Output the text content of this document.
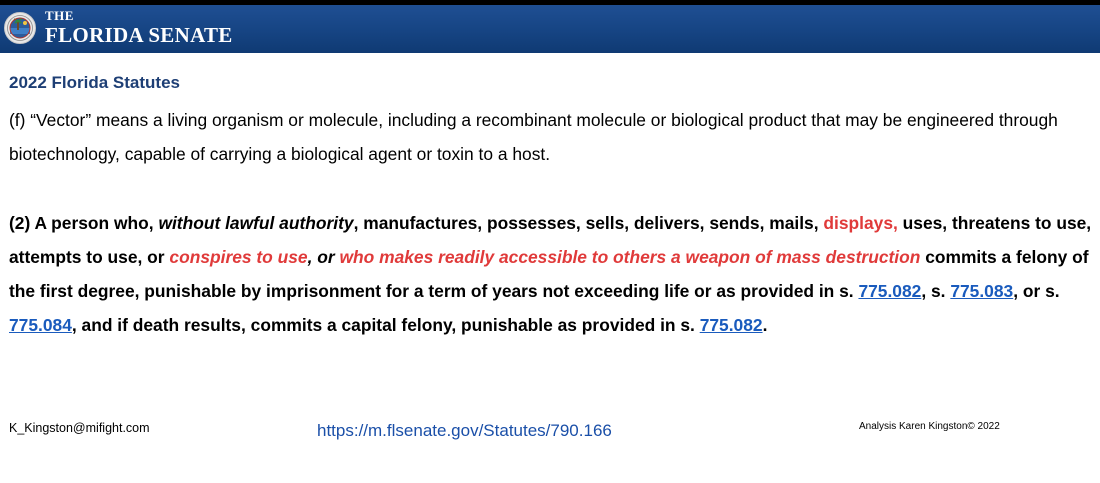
THE
FLORIDA SENATE
2022 Florida Statutes
(f) “Vector” means a living organism or molecule, including a recombinant molecule or biological product that may be engineered through biotechnology, capable of carrying a biological agent or toxin to a host.
(2) A person who, without lawful authority, manufactures, possesses, sells, delivers, sends, mails, displays, uses, threatens to use, attempts to use, or conspires to use, or who makes readily accessible to others a weapon of mass destruction commits a felony of the first degree, punishable by imprisonment for a term of years not exceeding life or as provided in s. 775.082, s. 775.083, or s. 775.084, and if death results, commits a capital felony, punishable as provided in s. 775.082.
K_Kingston@mifight.com	https://m.flsenate.gov/Statutes/790.166	Analysis Karen Kingston© 2022
